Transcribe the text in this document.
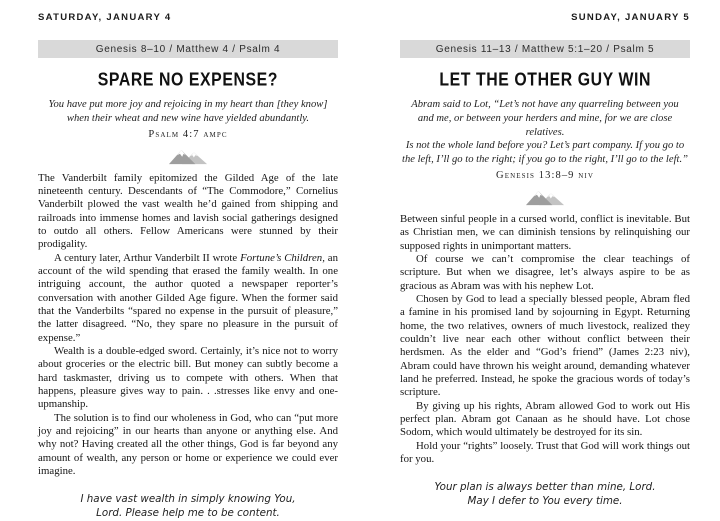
SATURDAY, JANUARY 4
Genesis 8–10 / Matthew 4 / Psalm 4
SPARE NO EXPENSE?
You have put more joy and rejoicing in my heart than [they know]
when their wheat and new wine have yielded abundantly.
Psalm 4:7 ampc

The Vanderbilt family epitomized the Gilded Age of the late nineteenth century. Descendants of “The Commodore,” Cornelius Vanderbilt plowed the vast wealth he’d gained from shipping and railroads into immense homes and lavish social gatherings designed to outdo all others. Fellow Americans were stunned by their prodigality.

A century later, Arthur Vanderbilt II wrote Fortune’s Children, an account of the wild spending that erased the family wealth. In one intriguing account, the author quoted a newspaper reporter’s conversation with another Gilded Age figure. When the former said that the Vanderbilts “spared no expense in the pursuit of pleasure,” the latter disagreed. “No, they spare no pleasure in the pursuit of expense.”

Wealth is a double-edged sword. Certainly, it’s nice not to worry about groceries or the electric bill. But money can subtly become a hard taskmaster, driving us to compete with others. When that happens, pleasure gives way to pain. . .stresses like envy and one-upmanship.

The solution is to find our wholeness in God, who can “put more joy and rejoicing” in our hearts than anyone or anything else. And why not? Having created all the other things, God is far beyond any amount of wealth, any person or home or experience we could ever imagine.

I have vast wealth in simply knowing You,
Lord. Please help me to be content.
SUNDAY, JANUARY 5
Genesis 11–13 / Matthew 5:1–20 / Psalm 5
LET THE OTHER GUY WIN
Abram said to Lot, “Let’s not have any quarreling between you
and me, or between your herders and mine, for we are close relatives.
Is not the whole land before you? Let’s part company. If you go to
the left, I’ll go to the right; if you go to the right, I’ll go to the left.”
Genesis 13:8–9 niv

Between sinful people in a cursed world, conflict is inevitable. But as Christian men, we can diminish tensions by relinquishing our supposed rights in unimportant matters.

Of course we can’t compromise the clear teachings of scripture. But when we disagree, let’s always aspire to be as gracious as Abram was with his nephew Lot.

Chosen by God to lead a specially blessed people, Abram fled a famine in his promised land by sojourning in Egypt. Returning home, the two relatives, owners of much livestock, realized they couldn’t live near each other without conflict between their herdsmen. As the elder and “God’s friend” (James 2:23 niv), Abram could have thrown his weight around, demanding whatever land he preferred. Instead, he spoke the gracious words of today’s scripture.

By giving up his rights, Abram allowed God to work out His perfect plan. Abram got Canaan as he should have. Lot chose Sodom, which would ultimately be destroyed for its sin.

Hold your “rights” loosely. Trust that God will work things out for you.

Your plan is always better than mine, Lord.
May I defer to You every time.
